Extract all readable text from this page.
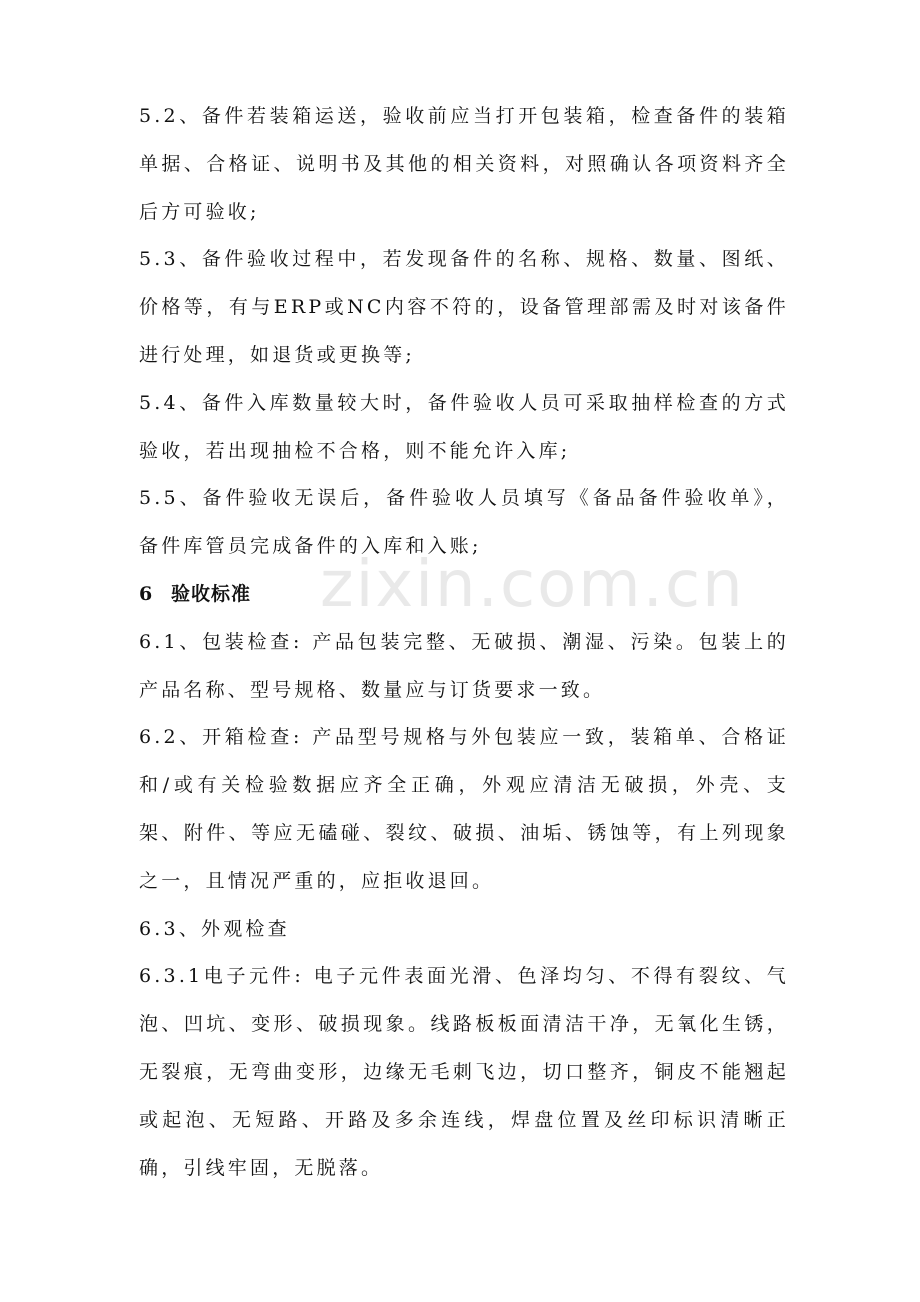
zixin.com.cn

5.2、备件若装箱运送，验收前应当打开包装箱，检查备件的装箱单据、合格证、说明书及其他的相关资料，对照确认各项资料齐全后方可验收;

5.3、备件验收过程中，若发现备件的名称、规格、数量、图纸、价格等，有与ERP或NC内容不符的，设备管理部需及时对该备件进行处理，如退货或更换等;

5.4、备件入库数量较大时，备件验收人员可采取抽样检查的方式验收，若出现抽检不合格，则不能允许入库;

5.5、备件验收无误后，备件验收人员填写《备品备件验收单》，备件库管员完成备件的入库和入账;

6 验收标准

6.1、包装检查: 产品包装完整、无破损、潮湿、污染。包装上的产品名称、型号规格、数量应与订货要求一致。

6.2、开箱检查: 产品型号规格与外包装应一致，装箱单、合格证和/或有关检验数据应齐全正确，外观应清洁无破损，外壳、支架、附件、等应无磕碰、裂纹、破损、油垢、锈蚀等，有上列现象之一，且情况严重的，应拒收退回。

6.3、外观检查

6.3.1电子元件: 电子元件表面光滑、色泽均匀、不得有裂纹、气泡、凹坑、变形、破损现象。线路板板面清洁干净，无氧化生锈，无裂痕，无弯曲变形，边缘无毛刺飞边，切口整齐，铜皮不能翘起或起泡、无短路、开路及多余连线，焊盘位置及丝印标识清晰正确，引线牢固，无脱落。
